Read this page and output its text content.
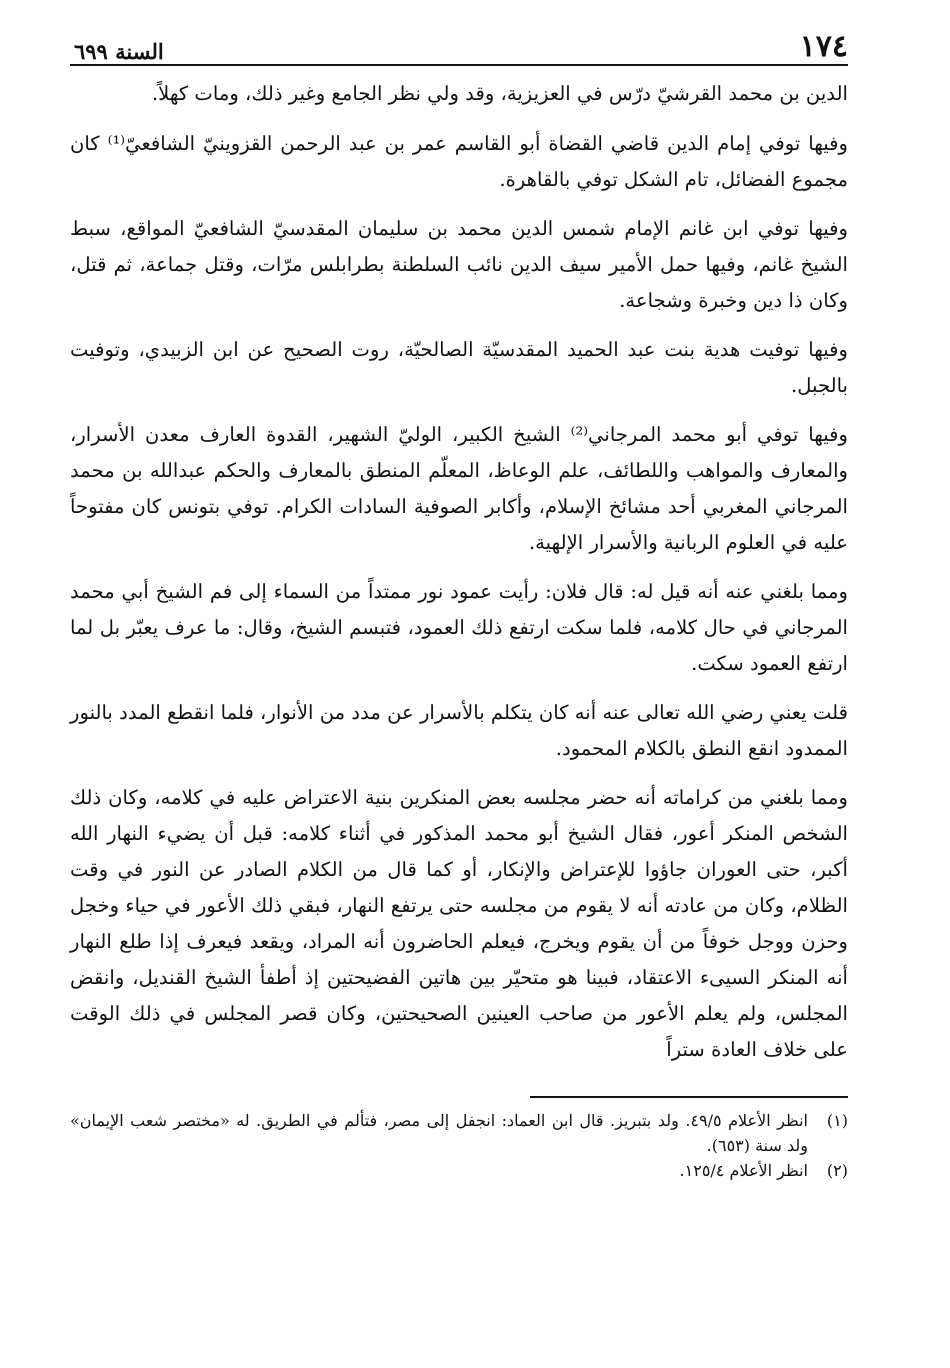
١٧٤
السنة ٦٩٩

الدين بن محمد القرشيّ درّس في العزيزية، وقد ولي نظر الجامع وغير ذلك، ومات كهلاً.

وفيها توفي إمام الدين قاضي القضاة أبو القاسم عمر بن عبد الرحمن القزوينيّ الشافعيّ⁽¹⁾ كان مجموع الفضائل، تام الشكل توفي بالقاهرة.

وفيها توفي ابن غانم الإمام شمس الدين محمد بن سليمان المقدسيّ الشافعيّ المواقع، سبط الشيخ غانم، وفيها حمل الأمير سيف الدين نائب السلطنة بطرابلس مرّات، وقتل جماعة، ثم قتل، وكان ذا دين وخبرة وشجاعة.

وفيها توفيت هدية بنت عبد الحميد المقدسيّة الصالحيّة، روت الصحيح عن ابن الزبيدي، وتوفيت بالجبل.

وفيها توفي أبو محمد المرجاني⁽²⁾ الشيخ الكبير، الوليّ الشهير، القدوة العارف معدن الأسرار، والمعارف والمواهب واللطائف، علم الوعاظ، المعلّم المنطق بالمعارف والحكم عبدالله بن محمد المرجاني المغربي أحد مشائخ الإسلام، وأكابر الصوفية السادات الكرام. توفي بتونس كان مفتوحاً عليه في العلوم الربانية والأسرار الإلهية.

ومما بلغني عنه أنه قيل له: قال فلان: رأيت عمود نور ممتداً من السماء إلى فم الشيخ أبي محمد المرجاني في حال كلامه، فلما سكت ارتفع ذلك العمود، فتبسم الشيخ، وقال: ما عرف يعبّر بل لما ارتفع العمود سكت.

قلت يعني رضي الله تعالى عنه أنه كان يتكلم بالأسرار عن مدد من الأنوار، فلما انقطع المدد بالنور الممدود انقع النطق بالكلام المحمود.

ومما بلغني من كراماته أنه حضر مجلسه بعض المنكرين بنية الاعتراض عليه في كلامه، وكان ذلك الشخص المنكر أعور، فقال الشيخ أبو محمد المذكور في أثناء كلامه: قبل أن يضيء النهار الله أكبر، حتى العوران جاؤوا للإعتراض والإنكار، أو كما قال من الكلام الصادر عن النور في وقت الظلام، وكان من عادته أنه لا يقوم من مجلسه حتى يرتفع النهار، فبقي ذلك الأعور في حياء وخجل وحزن ووجل خوفاً من أن يقوم ويخرج، فيعلم الحاضرون أنه المراد، ويقعد فيعرف إذا طلع النهار أنه المنكر السيىء الاعتقاد، فبينا هو متحيّر بين هاتين الفضيحتين إذ أطفأ الشيخ القنديل، وانقض المجلس، ولم يعلم الأعور من صاحب العينين الصحيحتين، وكان قصر المجلس في ذلك الوقت على خلاف العادة ستراً

(١)
انظر الأعلام ٤٩/٥. ولد بتبريز. قال ابن العماد: انجفل إلى مصر، فتألم في الطريق. له «مختصر شعب الإيمان» ولد سنة (٦٥٣).
(٢)
انظر الأعلام ١٢٥/٤.
